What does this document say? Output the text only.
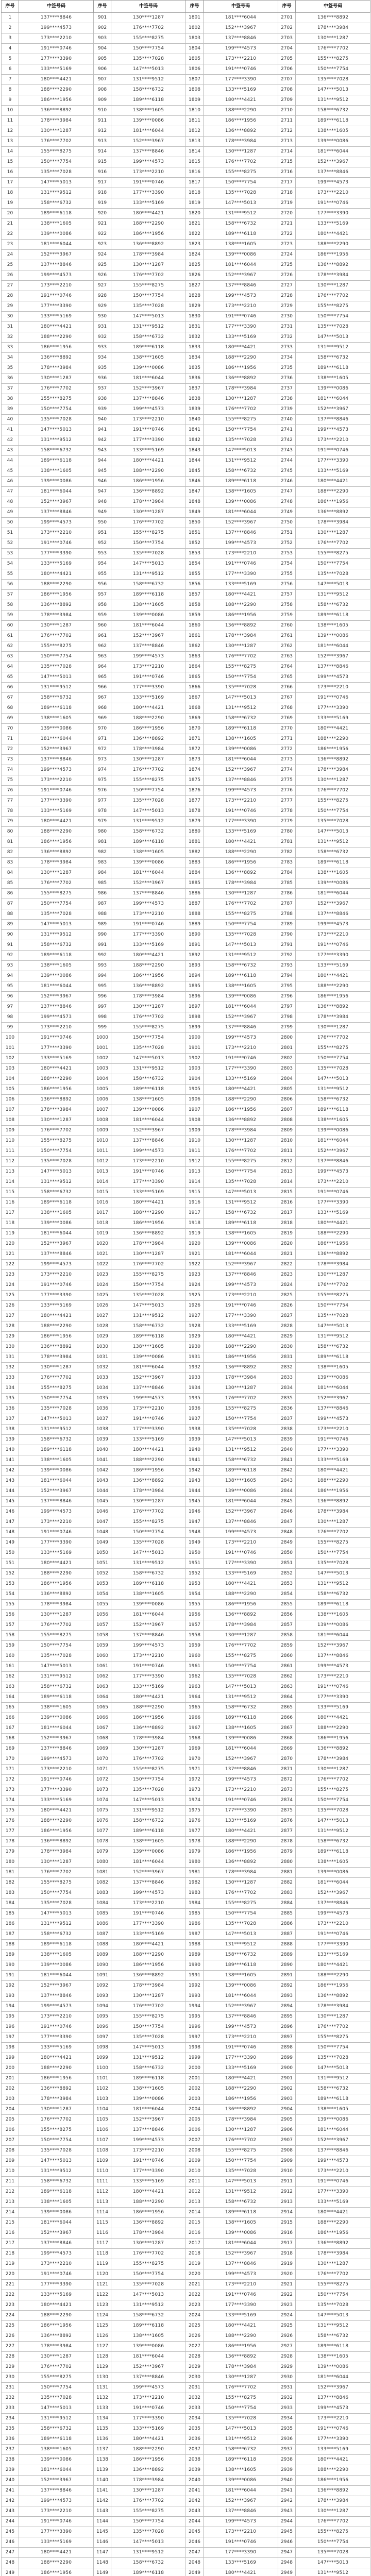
序号	中签号码	序号	中签号码	序号	中签号码	序号	中签号码
1	137****8846	901	130****1287	1801	181****6044	2701	136****8892
2	199****4573	902	176****7702	1802	152****3967	2702	178****3984
3	173****2210	903	155****8275	1803	137****8846	2703	130****1287
4	191****0746	904	150****7754	1804	199****4573	2704	176****7702
5	177****3390	905	135****7028	1805	173****2210	2705	155****8275
6	133****5169	906	147****5013	1806	191****0746	2706	150****7754
7	180****4421	907	131****9512	1807	177****3390	2707	135****7028
8	188****2290	908	158****6732	1808	133****5169	2708	147****5013
9	186****1956	909	189****6118	1809	180****4421	2709	131****9512
10	136****8892	910	138****1605	1810	188****2290	2710	158****6732
11	178****3984	911	139****0086	1811	186****1956	2711	189****6118
12	130****1287	912	181****6044	1812	136****8892	2712	138****1605
13	176****7702	913	152****3967	1813	178****3984	2713	139****0086
14	155****8275	914	137****8846	1814	130****1287	2714	181****6044
15	150****7754	915	199****4573	1815	176****7702	2715	152****3967
16	135****7028	916	173****2210	1816	155****8275	2716	137****8846
17	147****5013	917	191****0746	1817	150****7754	2717	199****4573
18	131****9512	918	177****3390	1818	135****7028	2718	173****2210
19	158****6732	919	133****5169	1819	147****5013	2719	191****0746
20	189****6118	920	180****4421	1820	131****9512	2720	177****3390
21	138****1605	921	188****2290	1821	158****6732	2721	133****5169
22	139****0086	922	186****1956	1822	189****6118	2722	180****4421
23	181****6044	923	136****8892	1823	138****1605	2723	188****2290
24	152****3967	924	178****3984	1824	139****0086	2724	186****1956
25	137****8846	925	130****1287	1825	181****6044	2725	136****8892
26	199****4573	926	176****7702	1826	152****3967	2726	178****3984
27	173****2210	927	155****8275	1827	137****8846	2727	130****1287
28	191****0746	928	150****7754	1828	199****4573	2728	176****7702
29	177****3390	929	135****7028	1829	173****2210	2729	155****8275
30	133****5169	930	147****5013	1830	191****0746	2730	150****7754
31	180****4421	931	131****9512	1831	177****3390	2731	135****7028
32	188****2290	932	158****6732	1832	133****5169	2732	147****5013
33	186****1956	933	189****6118	1833	180****4421	2733	131****9512
34	136****8892	934	138****1605	1834	188****2290	2734	158****6732
35	178****3984	935	139****0086	1835	186****1956	2735	189****6118
36	130****1287	936	181****6044	1836	136****8892	2736	138****1605
37	176****7702	937	152****3967	1837	178****3984	2737	139****0086
38	155****8275	938	137****8846	1838	130****1287	2738	181****6044
39	150****7754	939	199****4573	1839	176****7702	2739	152****3967
40	135****7028	940	173****2210	1840	155****8275	2740	137****8846
41	147****5013	941	191****0746	1841	150****7754	2741	199****4573
42	131****9512	942	177****3390	1842	135****7028	2742	173****2210
43	158****6732	943	133****5169	1843	147****5013	2743	191****0746
44	189****6118	944	180****4421	1844	131****9512	2744	177****3390
45	138****1605	945	188****2290	1845	158****6732	2745	133****5169
46	139****0086	946	186****1956	1846	189****6118	2746	180****4421
47	181****6044	947	136****8892	1847	138****1605	2747	188****2290
48	152****3967	948	178****3984	1848	139****0086	2748	186****1956
49	137****8846	949	130****1287	1849	181****6044	2749	136****8892
50	199****4573	950	176****7702	1850	152****3967	2750	178****3984
51	173****2210	951	155****8275	1851	137****8846	2751	130****1287
52	191****0746	952	150****7754	1852	199****4573	2752	176****7702
53	177****3390	953	135****7028	1853	173****2210	2753	155****8275
54	133****5169	954	147****5013	1854	191****0746	2754	150****7754
55	180****4421	955	131****9512	1855	177****3390	2755	135****7028
56	188****2290	956	158****6732	1856	133****5169	2756	147****5013
57	186****1956	957	189****6118	1857	180****4421	2757	131****9512
58	136****8892	958	138****1605	1858	188****2290	2758	158****6732
59	178****3984	959	139****0086	1859	186****1956	2759	189****6118
60	130****1287	960	181****6044	1860	136****8892	2760	138****1605
61	176****7702	961	152****3967	1861	178****3984	2761	139****0086
62	155****8275	962	137****8846	1862	130****1287	2762	181****6044
63	150****7754	963	199****4573	1863	176****7702	2763	152****3967
64	135****7028	964	173****2210	1864	155****8275	2764	137****8846
65	147****5013	965	191****0746	1865	150****7754	2765	199****4573
66	131****9512	966	177****3390	1866	135****7028	2766	173****2210
67	158****6732	967	133****5169	1867	147****5013	2767	191****0746
68	189****6118	968	180****4421	1868	131****9512	2768	177****3390
69	138****1605	969	188****2290	1869	158****6732	2769	133****5169
70	139****0086	970	186****1956	1870	189****6118	2770	180****4421
71	181****6044	971	136****8892	1871	138****1605	2771	188****2290
72	152****3967	972	178****3984	1872	139****0086	2772	186****1956
73	137****8846	973	130****1287	1873	181****6044	2773	136****8892
74	199****4573	974	176****7702	1874	152****3967	2774	178****3984
75	173****2210	975	155****8275	1875	137****8846	2775	130****1287
76	191****0746	976	150****7754	1876	199****4573	2776	176****7702
77	177****3390	977	135****7028	1877	173****2210	2777	155****8275
78	133****5169	978	147****5013	1878	191****0746	2778	150****7754
79	180****4421	979	131****9512	1879	177****3390	2779	135****7028
80	188****2290	980	158****6732	1880	133****5169	2780	147****5013
81	186****1956	981	189****6118	1881	180****4421	2781	131****9512
82	136****8892	982	138****1605	1882	188****2290	2782	158****6732
83	178****3984	983	139****0086	1883	186****1956	2783	189****6118
84	130****1287	984	181****6044	1884	136****8892	2784	138****1605
85	176****7702	985	152****3967	1885	178****3984	2785	139****0086
86	155****8275	986	137****8846	1886	130****1287	2786	181****6044
87	150****7754	987	199****4573	1887	176****7702	2787	152****3967
88	135****7028	988	173****2210	1888	155****8275	2788	137****8846
89	147****5013	989	191****0746	1889	150****7754	2789	199****4573
90	131****9512	990	177****3390	1890	135****7028	2790	173****2210
91	158****6732	991	133****5169	1891	147****5013	2791	191****0746
92	189****6118	992	180****4421	1892	131****9512	2792	177****3390
93	138****1605	993	188****2290	1893	158****6732	2793	133****5169
94	139****0086	994	186****1956	1894	189****6118	2794	180****4421
95	181****6044	995	136****8892	1895	138****1605	2795	188****2290
96	152****3967	996	178****3984	1896	139****0086	2796	186****1956
97	137****8846	997	130****1287	1897	181****6044	2797	136****8892
98	199****4573	998	176****7702	1898	152****3967	2798	178****3984
99	173****2210	999	155****8275	1899	137****8846	2799	130****1287
100	191****0746	1000	150****7754	1900	199****4573	2800	176****7702
101	177****3390	1001	135****7028	1901	173****2210	2801	155****8275
102	133****5169	1002	147****5013	1902	191****0746	2802	150****7754
103	180****4421	1003	131****9512	1903	177****3390	2803	135****7028
104	188****2290	1004	158****6732	1904	133****5169	2804	147****5013
105	186****1956	1005	189****6118	1905	180****4421	2805	131****9512
106	136****8892	1006	138****1605	1906	188****2290	2806	158****6732
107	178****3984	1007	139****0086	1907	186****1956	2807	189****6118
108	130****1287	1008	181****6044	1908	136****8892	2808	138****1605
109	176****7702	1009	152****3967	1909	178****3984	2809	139****0086
110	155****8275	1010	137****8846	1910	130****1287	2810	181****6044
111	150****7754	1011	199****4573	1911	176****7702	2811	152****3967
112	135****7028	1012	173****2210	1912	155****8275	2812	137****8846
113	147****5013	1013	191****0746	1913	150****7754	2813	199****4573
114	131****9512	1014	177****3390	1914	135****7028	2814	173****2210
115	158****6732	1015	133****5169	1915	147****5013	2815	191****0746
116	189****6118	1016	180****4421	1916	131****9512	2816	177****3390
117	138****1605	1017	188****2290	1917	158****6732	2817	133****5169
118	139****0086	1018	186****1956	1918	189****6118	2818	180****4421
119	181****6044	1019	136****8892	1919	138****1605	2819	188****2290
120	152****3967	1020	178****3984	1920	139****0086	2820	186****1956
121	137****8846	1021	130****1287	1921	181****6044	2821	136****8892
122	199****4573	1022	176****7702	1922	152****3967	2822	178****3984
123	173****2210	1023	155****8275	1923	137****8846	2823	130****1287
124	191****0746	1024	150****7754	1924	199****4573	2824	176****7702
125	177****3390	1025	135****7028	1925	173****2210	2825	155****8275
126	133****5169	1026	147****5013	1926	191****0746	2826	150****7754
127	180****4421	1027	131****9512	1927	177****3390	2827	135****7028
128	188****2290	1028	158****6732	1928	133****5169	2828	147****5013
129	186****1956	1029	189****6118	1929	180****4421	2829	131****9512
130	136****8892	1030	138****1605	1930	188****2290	2830	158****6732
131	178****3984	1031	139****0086	1931	186****1956	2831	189****6118
132	130****1287	1032	181****6044	1932	136****8892	2832	138****1605
133	176****7702	1033	152****3967	1933	178****3984	2833	139****0086
134	155****8275	1034	137****8846	1934	130****1287	2834	181****6044
135	150****7754	1035	199****4573	1935	176****7702	2835	152****3967
136	135****7028	1036	173****2210	1936	155****8275	2836	137****8846
137	147****5013	1037	191****0746	1937	150****7754	2837	199****4573
138	131****9512	1038	177****3390	1938	135****7028	2838	173****2210
139	158****6732	1039	133****5169	1939	147****5013	2839	191****0746
140	189****6118	1040	180****4421	1940	131****9512	2840	177****3390
141	138****1605	1041	188****2290	1941	158****6732	2841	133****5169
142	139****0086	1042	186****1956	1942	189****6118	2842	180****4421
143	181****6044	1043	136****8892	1943	138****1605	2843	188****2290
144	152****3967	1044	178****3984	1944	139****0086	2844	186****1956
145	137****8846	1045	130****1287	1945	181****6044	2845	136****8892
146	199****4573	1046	176****7702	1946	152****3967	2846	178****3984
147	173****2210	1047	155****8275	1947	137****8846	2847	130****1287
148	191****0746	1048	150****7754	1948	199****4573	2848	176****7702
149	177****3390	1049	135****7028	1949	173****2210	2849	155****8275
150	133****5169	1050	147****5013	1950	191****0746	2850	150****7754
151	180****4421	1051	131****9512	1951	177****3390	2851	135****7028
152	188****2290	1052	158****6732	1952	133****5169	2852	147****5013
153	186****1956	1053	189****6118	1953	180****4421	2853	131****9512
154	136****8892	1054	138****1605	1954	188****2290	2854	158****6732
155	178****3984	1055	139****0086	1955	186****1956	2855	189****6118
156	130****1287	1056	181****6044	1956	136****8892	2856	138****1605
157	176****7702	1057	152****3967	1957	178****3984	2857	139****0086
158	155****8275	1058	137****8846	1958	130****1287	2858	181****6044
159	150****7754	1059	199****4573	1959	176****7702	2859	152****3967
160	135****7028	1060	173****2210	1960	155****8275	2860	137****8846
161	147****5013	1061	191****0746	1961	150****7754	2861	199****4573
162	131****9512	1062	177****3390	1962	135****7028	2862	173****2210
163	158****6732	1063	133****5169	1963	147****5013	2863	191****0746
164	189****6118	1064	180****4421	1964	131****9512	2864	177****3390
165	138****1605	1065	188****2290	1965	158****6732	2865	133****5169
166	139****0086	1066	186****1956	1966	189****6118	2866	180****4421
167	181****6044	1067	136****8892	1967	138****1605	2867	188****2290
168	152****3967	1068	178****3984	1968	139****0086	2868	186****1956
169	137****8846	1069	130****1287	1969	181****6044	2869	136****8892
170	199****4573	1070	176****7702	1970	152****3967	2870	178****3984
171	173****2210	1071	155****8275	1971	137****8846	2871	130****1287
172	191****0746	1072	150****7754	1972	199****4573	2872	176****7702
173	177****3390	1073	135****7028	1973	173****2210	2873	155****8275
174	133****5169	1074	147****5013	1974	191****0746	2874	150****7754
175	180****4421	1075	131****9512	1975	177****3390	2875	135****7028
176	188****2290	1076	158****6732	1976	133****5169	2876	147****5013
177	186****1956	1077	189****6118	1977	180****4421	2877	131****9512
178	136****8892	1078	138****1605	1978	188****2290	2878	158****6732
179	178****3984	1079	139****0086	1979	186****1956	2879	189****6118
180	130****1287	1080	181****6044	1980	136****8892	2880	138****1605
181	176****7702	1081	152****3967	1981	178****3984	2881	139****0086
182	155****8275	1082	137****8846	1982	130****1287	2882	181****6044
183	150****7754	1083	199****4573	1983	176****7702	2883	152****3967
184	135****7028	1084	173****2210	1984	155****8275	2884	137****8846
185	147****5013	1085	191****0746	1985	150****7754	2885	199****4573
186	131****9512	1086	177****3390	1986	135****7028	2886	173****2210
187	158****6732	1087	133****5169	1987	147****5013	2887	191****0746
188	189****6118	1088	180****4421	1988	131****9512	2888	177****3390
189	138****1605	1089	188****2290	1989	158****6732	2889	133****5169
190	139****0086	1090	186****1956	1990	189****6118	2890	180****4421
191	181****6044	1091	136****8892	1991	138****1605	2891	188****2290
192	152****3967	1092	178****3984	1992	139****0086	2892	186****1956
193	137****8846	1093	130****1287	1993	181****6044	2893	136****8892
194	199****4573	1094	176****7702	1994	152****3967	2894	178****3984
195	173****2210	1095	155****8275	1995	137****8846	2895	130****1287
196	191****0746	1096	150****7754	1996	199****4573	2896	176****7702
197	177****3390	1097	135****7028	1997	173****2210	2897	155****8275
198	133****5169	1098	147****5013	1998	191****0746	2898	150****7754
199	180****4421	1099	131****9512	1999	177****3390	2899	135****7028
200	188****2290	1100	158****6732	2000	133****5169	2900	147****5013
201	186****1956	1101	189****6118	2001	180****4421	2901	131****9512
202	136****8892	1102	138****1605	2002	188****2290	2902	158****6732
203	178****3984	1103	139****0086	2003	186****1956	2903	189****6118
204	130****1287	1104	181****6044	2004	136****8892	2904	138****1605
205	176****7702	1105	152****3967	2005	178****3984	2905	139****0086
206	155****8275	1106	137****8846	2006	130****1287	2906	181****6044
207	150****7754	1107	199****4573	2007	176****7702	2907	152****3967
208	135****7028	1108	173****2210	2008	155****8275	2908	137****8846
209	147****5013	1109	191****0746	2009	150****7754	2909	199****4573
210	131****9512	1110	177****3390	2010	135****7028	2910	173****2210
211	158****6732	1111	133****5169	2011	147****5013	2911	191****0746
212	189****6118	1112	180****4421	2012	131****9512	2912	177****3390
213	138****1605	1113	188****2290	2013	158****6732	2913	133****5169
214	139****0086	1114	186****1956	2014	189****6118	2914	180****4421
215	181****6044	1115	136****8892	2015	138****1605	2915	188****2290
216	152****3967	1116	178****3984	2016	139****0086	2916	186****1956
217	137****8846	1117	130****1287	2017	181****6044	2917	136****8892
218	199****4573	1118	176****7702	2018	152****3967	2918	178****3984
219	173****2210	1119	155****8275	2019	137****8846	2919	130****1287
220	191****0746	1120	150****7754	2020	199****4573	2920	176****7702
221	177****3390	1121	135****7028	2021	173****2210	2921	155****8275
222	133****5169	1122	147****5013	2022	191****0746	2922	150****7754
223	180****4421	1123	131****9512	2023	177****3390	2923	135****7028
224	188****2290	1124	158****6732	2024	133****5169	2924	147****5013
225	186****1956	1125	189****6118	2025	180****4421	2925	131****9512
226	136****8892	1126	138****1605	2026	188****2290	2926	158****6732
227	178****3984	1127	139****0086	2027	186****1956	2927	189****6118
228	130****1287	1128	181****6044	2028	136****8892	2928	138****1605
229	176****7702	1129	152****3967	2029	178****3984	2929	139****0086
230	155****8275	1130	137****8846	2030	130****1287	2930	181****6044
231	150****7754	1131	199****4573	2031	176****7702	2931	152****3967
232	135****7028	1132	173****2210	2032	155****8275	2932	137****8846
233	147****5013	1133	191****0746	2033	150****7754	2933	199****4573
234	131****9512	1134	177****3390	2034	135****7028	2934	173****2210
235	158****6732	1135	133****5169	2035	147****5013	2935	191****0746
236	189****6118	1136	180****4421	2036	131****9512	2936	177****3390
237	138****1605	1137	188****2290	2037	158****6732	2937	133****5169
238	139****0086	1138	186****1956	2038	189****6118	2938	180****4421
239	181****6044	1139	136****8892	2039	138****1605	2939	188****2290
240	152****3967	1140	178****3984	2040	139****0086	2940	186****1956
241	137****8846	1141	130****1287	2041	181****6044	2941	136****8892
242	199****4573	1142	176****7702	2042	152****3967	2942	178****3984
243	173****2210	1143	155****8275	2043	137****8846	2943	130****1287
244	191****0746	1144	150****7754	2044	199****4573	2944	176****7702
245	177****3390	1145	135****7028	2045	173****2210	2945	155****8275
246	133****5169	1146	147****5013	2046	191****0746	2946	150****7754
247	180****4421	1147	131****9512	2047	177****3390	2947	135****7028
248	188****2290	1148	158****6732	2048	133****5169	2948	147****5013
249	186****1956	1149	189****6118	2049	180****4421	2949	131****9512
